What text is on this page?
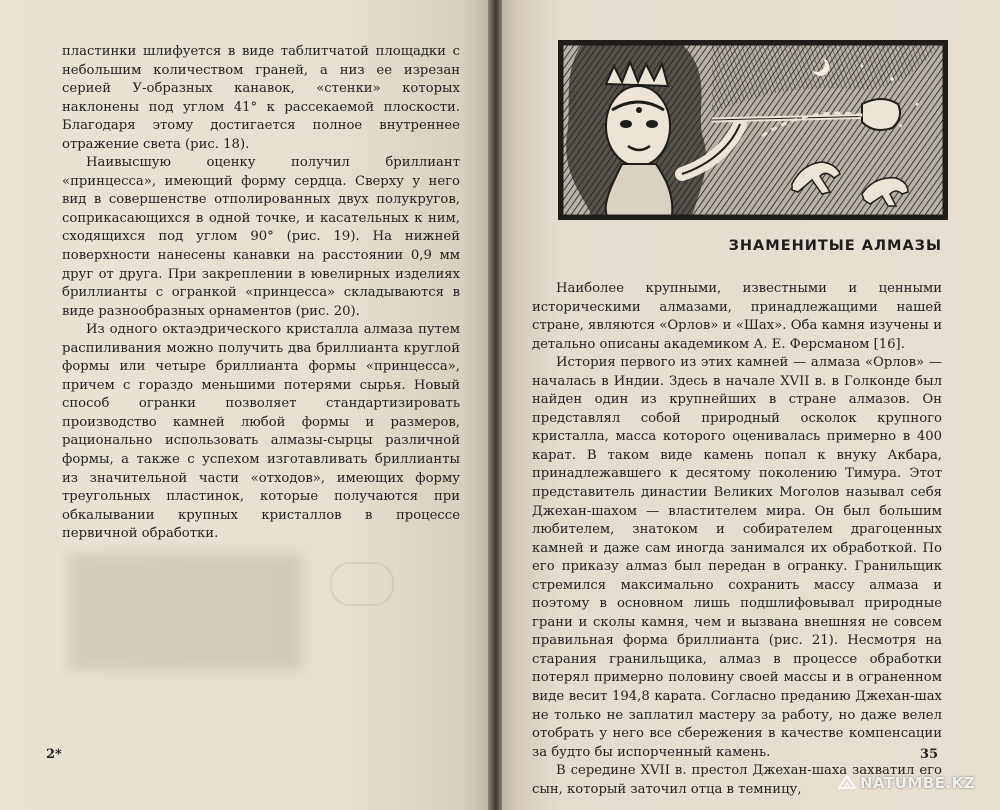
пластинки шлифуется в виде таблитчатой площадки с небольшим количеством граней, а низ ее изрезан серией У-образных канавок, «стенки» которых наклонены под углом 41° к рассекаемой плоскости. Благодаря этому достигается полное внутреннее отражение света (рис. 18).

Наивысшую оценку получил бриллиант «принцесса», имеющий форму сердца. Сверху у него вид в совершенстве отполированных двух полукругов, соприкасающихся в одной точке, и касательных к ним, сходящихся под углом 90° (рис. 19). На нижней поверхности нанесены канавки на расстоянии 0,9 мм друг от друга. При закреплении в ювелирных изделиях бриллианты с огранкой «принцесса» складываются в виде разнообразных орнаментов (рис. 20).

Из одного октаэдрического кристалла алмаза путем распиливания можно получить два бриллианта круглой формы или четыре бриллианта формы «принцесса», причем с гораздо меньшими потерями сырья. Новый способ огранки позволяет стандартизировать производство камней любой формы и размеров, рационально использовать алмазы-сырцы различной формы, а также с успехом изготавливать бриллианты из значительной части «отходов», имеющих форму треугольных пластинок, которые получаются при обкалывании крупных кристаллов в процессе первичной обработки.

2*
ЗНАМЕНИТЫЕ АЛМАЗЫ

Наиболее крупными, известными и ценными историческими алмазами, принадлежащими нашей стране, являются «Орлов» и «Шах». Оба камня изучены и детально описаны академиком А. Е. Ферсманом [16].

История первого из этих камней — алмаза «Орлов» — началась в Индии. Здесь в начале XVII в. в Голконде был найден один из крупнейших в стране алмазов. Он представлял собой природный осколок крупного кристалла, масса которого оценивалась примерно в 400 карат. В таком виде камень попал к внуку Акбара, принадлежавшего к десятому поколению Тимура. Этот представитель династии Великих Моголов называл себя Джехан-шахом — властителем мира. Он был большим любителем, знатоком и собирателем драгоценных камней и даже сам иногда занимался их обработкой. По его приказу алмаз был передан в огранку. Гранильщик стремился максимально сохранить массу алмаза и поэтому в основном лишь подшлифовывал природные грани и сколы камня, чем и вызвана внешняя не совсем правильная форма бриллианта (рис. 21). Несмотря на старания гранильщика, алмаз в процессе обработки потерял примерно половину своей массы и в ограненном виде весит 194,8 карата. Согласно преданию Джехан-шах не только не заплатил мастеру за работу, но даже велел отобрать у него все сбережения в качестве компенсации за будто бы испорченный камень.

В середине XVII в. престол Джехан-шаха захватил его сын, который заточил отца в темницу,

35
NATUMBE.KZ
